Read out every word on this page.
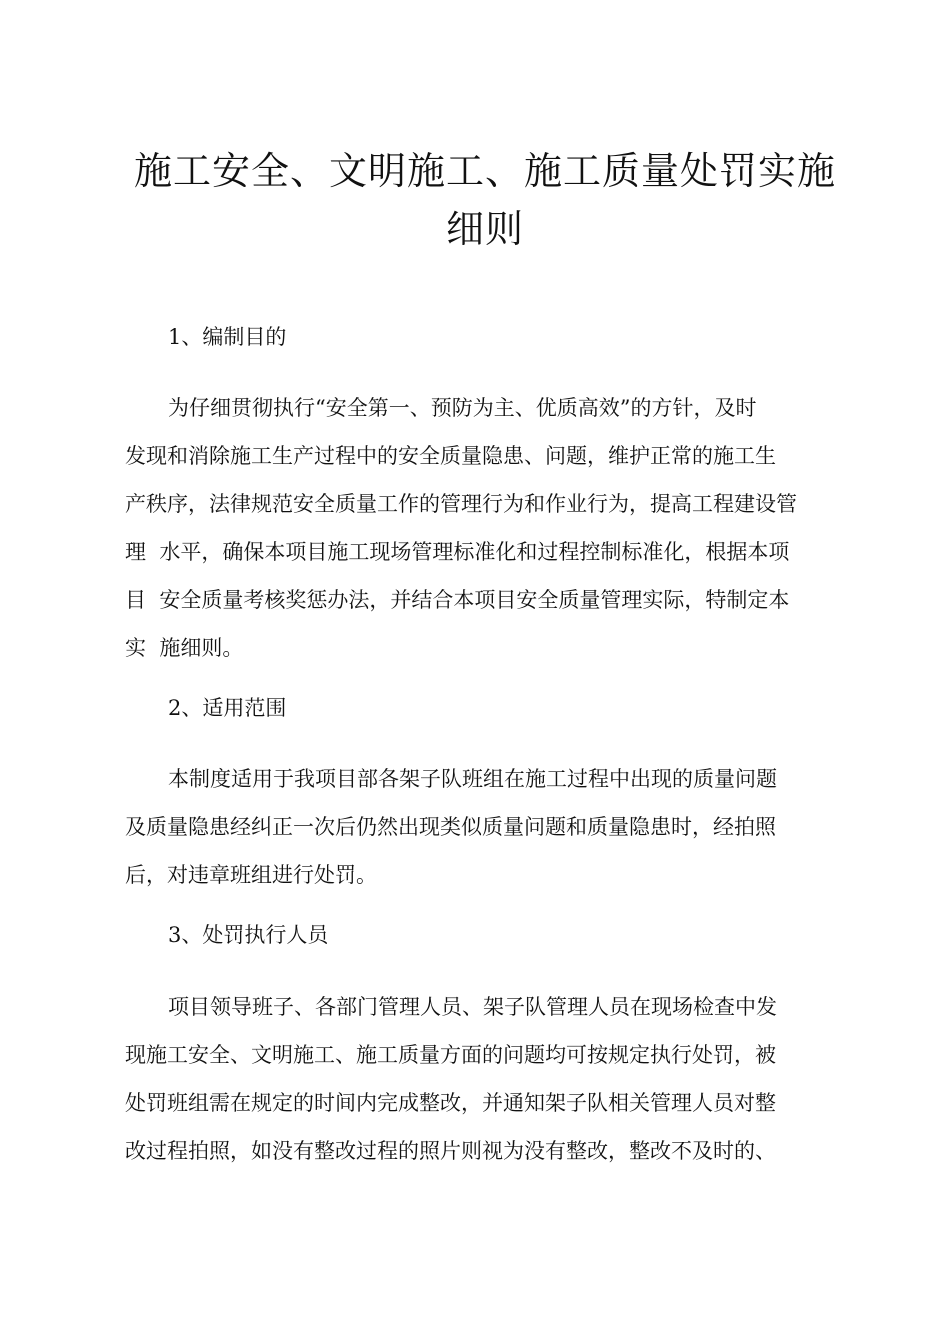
施工安全、文明施工、施工质量处罚实施细则

1、编制目的

为仔细贯彻执行“安全第一、预防为主、优质高效”的方针，及时

发现和消除施工生产过程中的安全质量隐患、问题，维护正常的施工生

产秩序，法律规范安全质量工作的管理行为和作业行为，提高工程建设管

理  水平，确保本项目施工现场管理标准化和过程控制标准化，根据本项

目  安全质量考核奖惩办法，并结合本项目安全质量管理实际，特制定本

实  施细则。

2、适用范围

本制度适用于我项目部各架子队班组在施工过程中出现的质量问题

及质量隐患经纠正一次后仍然出现类似质量问题和质量隐患时，经拍照

后，对违章班组进行处罚。

3、处罚执行人员

项目领导班子、各部门管理人员、架子队管理人员在现场检查中发

现施工安全、文明施工、施工质量方面的问题均可按规定执行处罚，被

处罚班组需在规定的时间内完成整改，并通知架子队相关管理人员对整

改过程拍照，如没有整改过程的照片则视为没有整改，整改不及时的、
